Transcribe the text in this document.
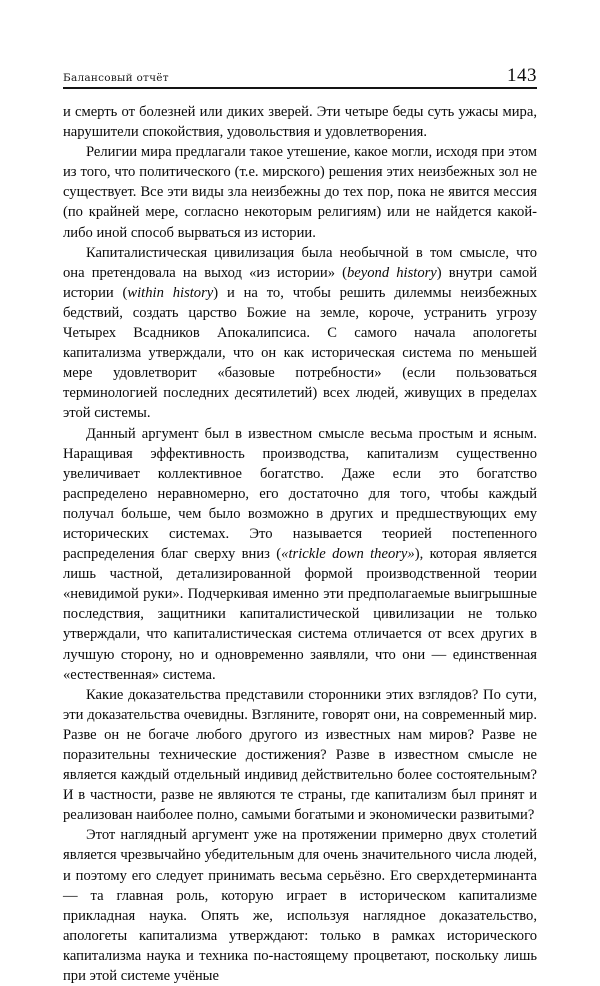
Балансовый отчёт	143

и смерть от болезней или диких зверей. Эти четыре беды суть ужасы мира, нарушители спокойствия, удовольствия и удовлетворения.

Религии мира предлагали такое утешение, какое могли, исходя при этом из того, что политического (т.е. мирского) решения этих неизбежных зол не существует. Все эти виды зла неизбежны до тех пор, пока не явится мессия (по крайней мере, согласно некоторым религиям) или не найдется какой-либо иной способ вырваться из истории.

Капиталистическая цивилизация была необычной в том смысле, что она претендовала на выход «из истории» (beyond history) внутри самой истории (within history) и на то, чтобы решить дилеммы неизбежных бедствий, создать царство Божие на земле, короче, устранить угрозу Четырех Всадников Апокалипсиса. С самого начала апологеты капитализма утверждали, что он как историческая система по меньшей мере удовлетворит «базовые потребности» (если пользоваться терминологией последних десятилетий) всех людей, живущих в пределах этой системы.

Данный аргумент был в известном смысле весьма простым и ясным. Наращивая эффективность производства, капитализм существенно увеличивает коллективное богатство. Даже если это богатство распределено неравномерно, его достаточно для того, чтобы каждый получал больше, чем было возможно в других и предшествующих ему исторических системах. Это называется теорией постепенного распределения благ сверху вниз («trickle down theory»), которая является лишь частной, детализированной формой производственной теории «невидимой руки». Подчеркивая именно эти предполагаемые выигрышные последствия, защитники капиталистической цивилизации не только утверждали, что капиталистическая система отличается от всех других в лучшую сторону, но и одновременно заявляли, что они — единственная «естественная» система.

Какие доказательства представили сторонники этих взглядов? По сути, эти доказательства очевидны. Взгляните, говорят они, на современный мир. Разве он не богаче любого другого из известных нам миров? Разве не поразительны технические достижения? Разве в известном смысле не является каждый отдельный индивид действительно более состоятельным? И в частности, разве не являются те страны, где капитализм был принят и реализован наиболее полно, самыми богатыми и экономически развитыми?

Этот наглядный аргумент уже на протяжении примерно двух столетий является чрезвычайно убедительным для очень значительного числа людей, и поэтому его следует принимать весьма серьёзно. Его сверхдетерминанта — та главная роль, которую играет в историческом капитализме прикладная наука. Опять же, используя наглядное доказательство, апологеты капитализма утверждают: только в рамках исторического капитализма наука и техника по-настоящему процветают, поскольку лишь при этой системе учёные
